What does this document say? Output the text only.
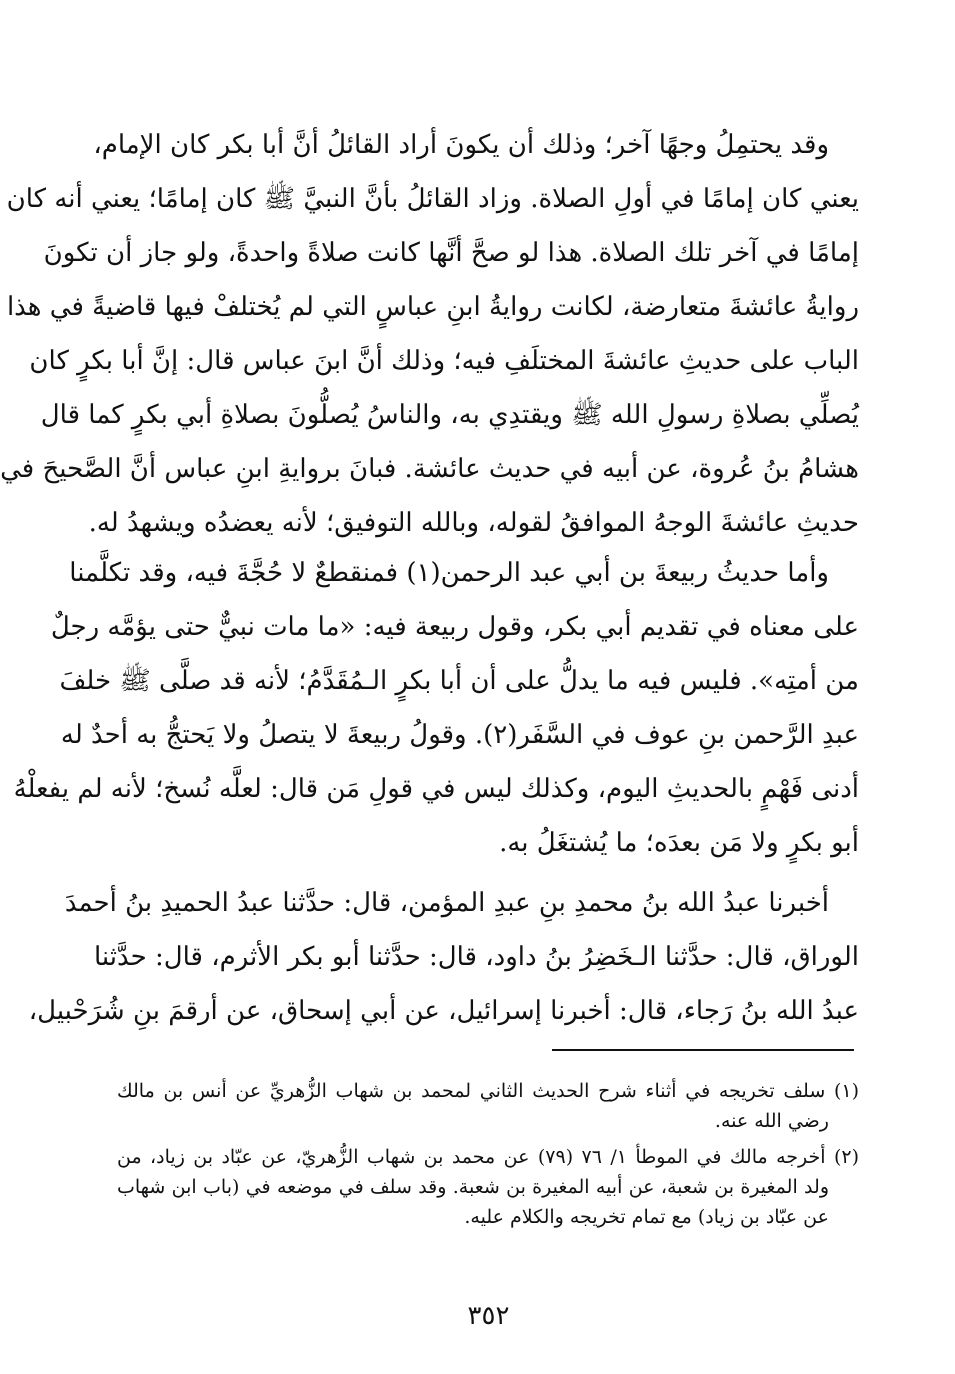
وقد يحتمِلُ وجهًا آخر؛ وذلك أن يكونَ أراد القائلُ أنَّ أبا بكر كان الإمام،
يعني كان إمامًا في أولِ الصلاة. وزاد القائلُ بأنَّ النبيَّ ﷺ كان إمامًا؛ يعني أنه كان
إمامًا في آخر تلك الصلاة. هذا لو صحَّ أنَّها كانت صلاةً واحدةً، ولو جاز أن تكونَ
روايةُ عائشةَ متعارضة، لكانت روايةُ ابنِ عباسٍ التي لم يُختلفْ فيها قاضيةً في هذا
الباب على حديثِ عائشةَ المختلَفِ فيه؛ وذلك أنَّ ابنَ عباس قال: إنَّ أبا بكرٍ كان
يُصلِّي بصلاةِ رسولِ الله ﷺ ويقتدِي به، والناسُ يُصلُّونَ بصلاةِ أبي بكرٍ كما قال
هشامُ بنُ عُروة، عن أبيه في حديث عائشة. فبانَ بروايةِ ابنِ عباس أنَّ الصَّحيحَ في
حديثِ عائشةَ الوجهُ الموافقُ لقوله، وبالله التوفيق؛ لأنه يعضدُه ويشهدُ له.
وأما حديثُ ربيعةَ بن أبي عبد الرحمن(١) فمنقطعٌ لا حُجَّةَ فيه، وقد تكلَّمنا
على معناه في تقديم أبي بكر، وقول ربيعة فيه: «ما مات نبيٌّ حتى يؤمَّه رجلٌ
من أمتِه». فليس فيه ما يدلُّ على أن أبا بكرٍ الـمُقَدَّمُ؛ لأنه قد صلَّى ﷺ خلفَ
عبدِ الرَّحمن بنِ عوف في السَّفَر(٢). وقولُ ربيعةَ لا يتصلُ ولا يَحتجُّ به أحدٌ له
أدنى فَهْمٍ بالحديثِ اليوم، وكذلك ليس في قولِ مَن قال: لعلَّه نُسخ؛ لأنه لم يفعلْهُ
أبو بكرٍ ولا مَن بعدَه؛ ما يُشتغَلُ به.
أخبرنا عبدُ الله بنُ محمدِ بنِ عبدِ المؤمن، قال: حدَّثنا عبدُ الحميدِ بنُ أحمدَ
الوراق، قال: حدَّثنا الـخَضِرُ بنُ داود، قال: حدَّثنا أبو بكر الأثرم، قال: حدَّثنا
عبدُ الله بنُ رَجاء، قال: أخبرنا إسرائيل، عن أبي إسحاق، عن أرقمَ بنِ شُرَحْبيل،
(١) سلف تخريجه في أثناء شرح الحديث الثاني لمحمد بن شهاب الزُّهريِّ عن أنس بن مالك
رضي الله عنه.
(٢) أخرجه مالك في الموطأ ١/ ٧٦ (٧٩) عن محمد بن شهاب الزُّهريّ، عن عبّاد بن زياد، من
ولد المغيرة بن شعبة، عن أبيه المغيرة بن شعبة. وقد سلف في موضعه في (باب ابن شهاب
عن عبّاد بن زياد) مع تمام تخريجه والكلام عليه.
٣٥٢
